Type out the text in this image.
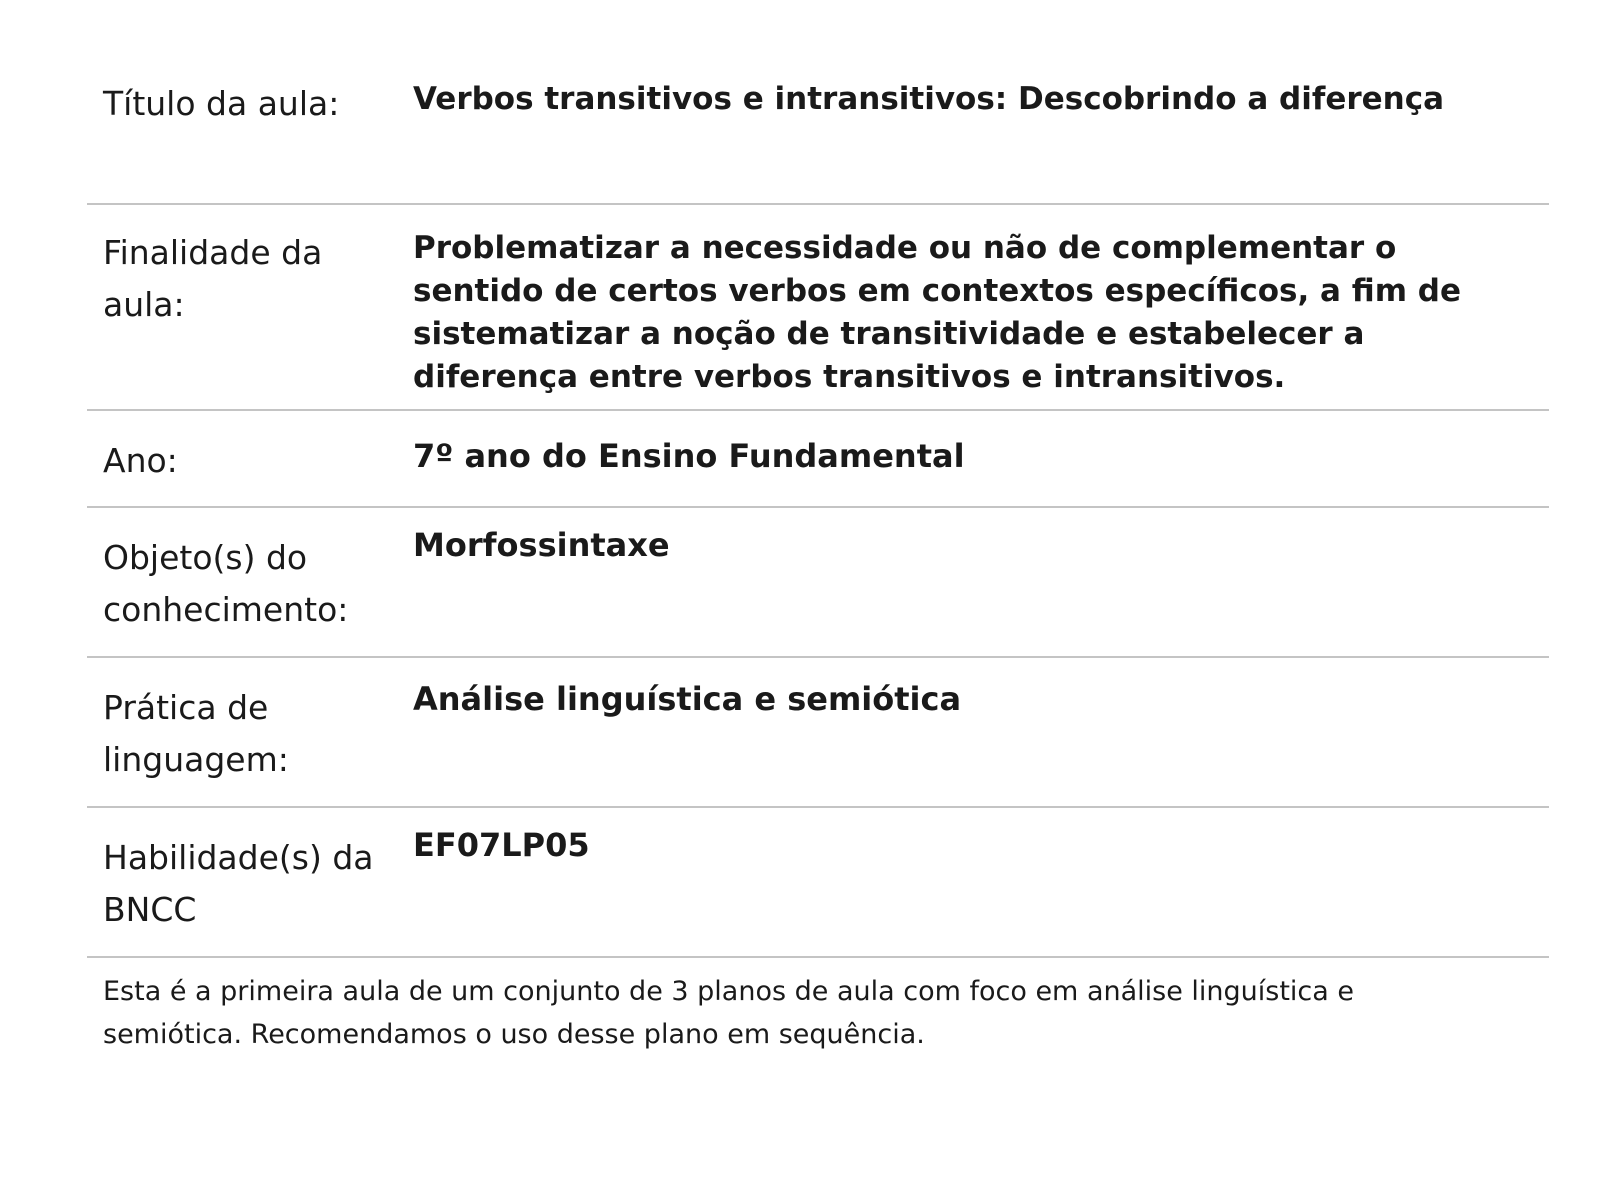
Título da aula:	Verbos transitivos e intransitivos: Descobrindo a diferença
Finalidade da aula:
Problematizar a necessidade ou não de complementar o sentido de certos verbos em contextos específicos, a fim de sistematizar a noção de transitividade e estabelecer a diferença entre verbos transitivos e intransitivos.
Ano:	7º ano do Ensino Fundamental
Objeto(s) do conhecimento:
Morfossintaxe
Prática de linguagem:
Análise linguística e semiótica
Habilidade(s) da BNCC
EF07LP05
Esta é a primeira aula de um conjunto de 3 planos de aula com foco em análise linguística e semiótica. Recomendamos o uso desse plano em sequência.
